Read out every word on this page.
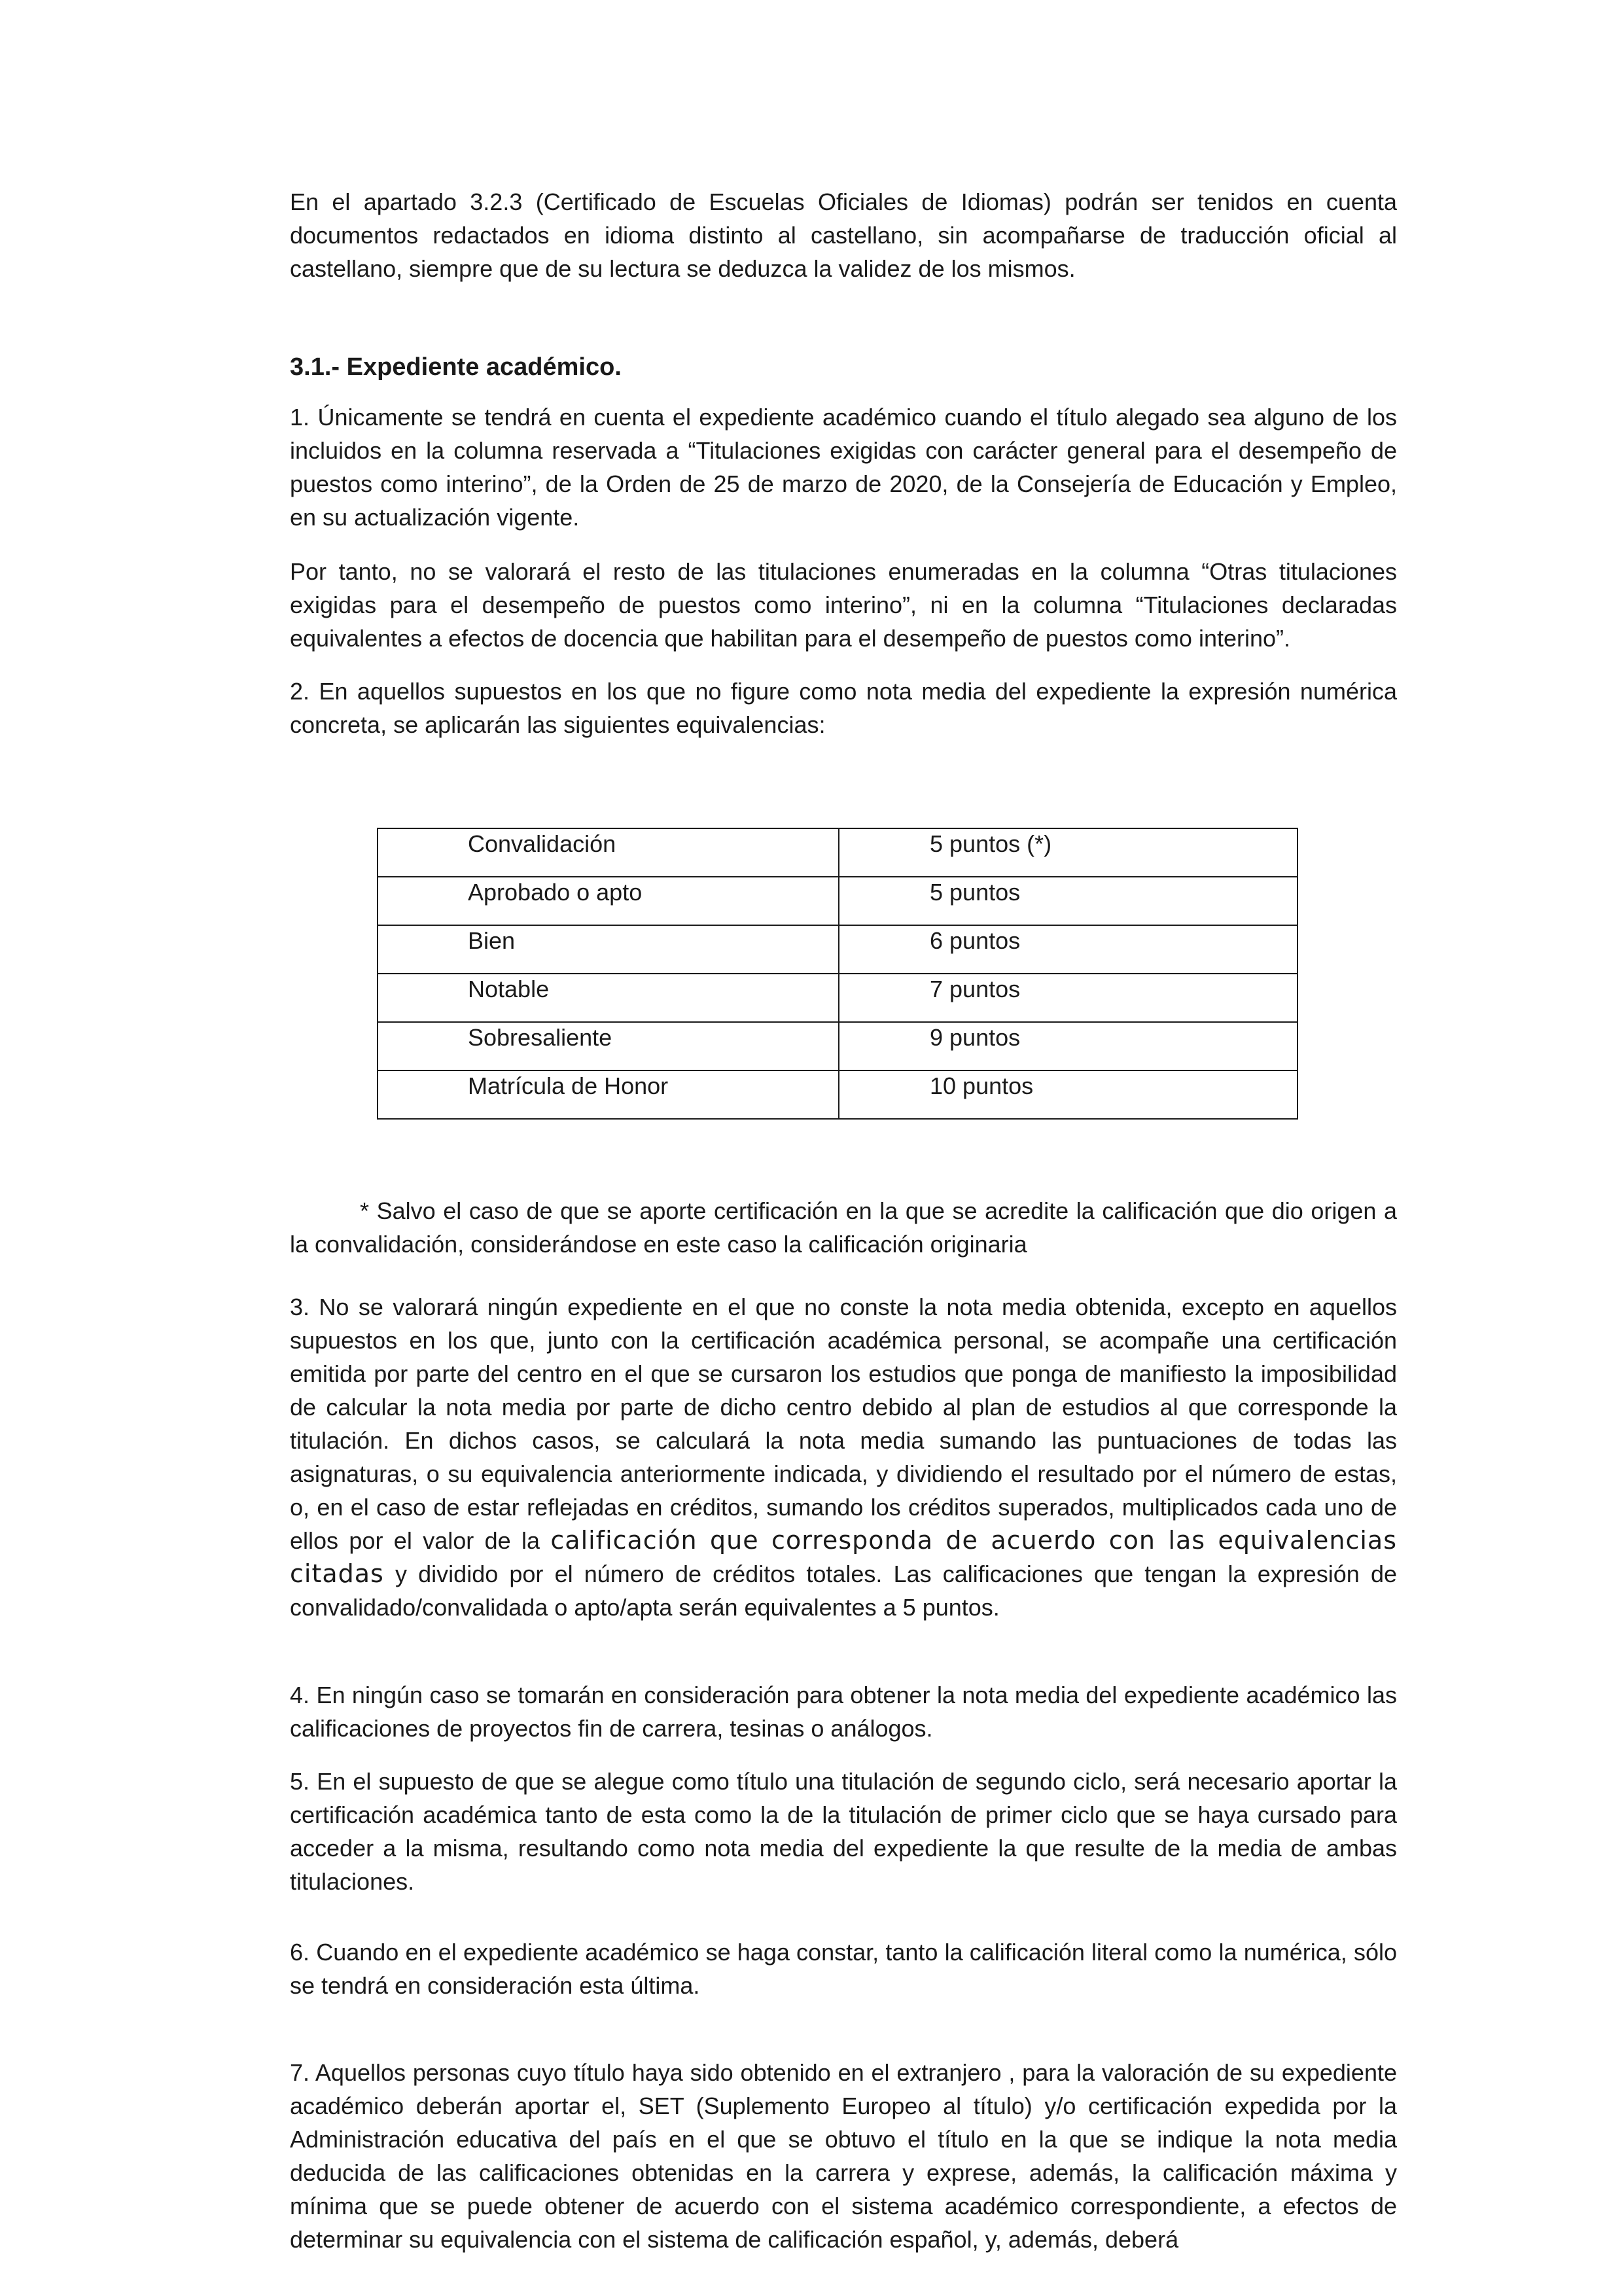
En el apartado 3.2.3 (Certificado de Escuelas Oficiales de Idiomas) podrán ser tenidos en cuenta documentos redactados en idioma distinto al castellano, sin acompañarse de traducción oficial al castellano, siempre que de su lectura se deduzca la validez de los mismos.

3.1.- Expediente académico.

1. Únicamente se tendrá en cuenta el expediente académico cuando el título alegado sea alguno de los incluidos en la columna reservada a “Titulaciones exigidas con carácter general para el desempeño de puestos como interino”, de la Orden de 25 de marzo de 2020, de la Consejería de Educación y Empleo, en su actualización vigente.

Por tanto, no se valorará el resto de las titulaciones enumeradas en la columna “Otras titulaciones exigidas para el desempeño de puestos como interino”, ni en la columna “Titulaciones declaradas equivalentes a efectos de docencia que habilitan para el desempeño de puestos como interino”.

2. En aquellos supuestos en los que no figure como nota media del expediente la expresión numérica concreta, se aplicarán las siguientes equivalencias:

Convalidación	5 puntos (*)

Aprobado o apto	5 puntos

Bien	6 puntos

Notable	7 puntos

Sobresaliente	9 puntos

Matrícula de Honor	10 puntos

* Salvo el caso de que se aporte certificación en la que se acredite la calificación que dio origen a la convalidación, considerándose en este caso la calificación originaria

3. No se valorará ningún expediente en el que no conste la nota media obtenida, excepto en aquellos supuestos en los que, junto con la certificación académica personal, se acompañe una certificación emitida por parte del centro en el que se cursaron los estudios que ponga de manifiesto la imposibilidad de calcular la nota media por parte de dicho centro debido al plan de estudios al que corresponde la titulación. En dichos casos, se calculará la nota media sumando las puntuaciones de todas las asignaturas, o su equivalencia anteriormente indicada, y dividiendo el resultado por el número de estas, o, en el caso de estar reflejadas en créditos, sumando los créditos superados, multiplicados cada uno de ellos por el valor de la calificación que corresponda de acuerdo con las equivalencias citadas y dividido por el número de créditos totales. Las calificaciones que tengan la expresión de convalidado/convalidada o apto/apta serán equivalentes a 5 puntos.

4. En ningún caso se tomarán en consideración para obtener la nota media del expediente académico las calificaciones de proyectos fin de carrera, tesinas o análogos.

5. En el supuesto de que se alegue como título una titulación de segundo ciclo, será necesario aportar la certificación académica tanto de esta como la de la titulación de primer ciclo que se haya cursado para acceder a la misma, resultando como nota media del expediente la que resulte de la media de ambas titulaciones.

6. Cuando en el expediente académico se haga constar, tanto la calificación literal como la numérica, sólo se tendrá en consideración esta última.

7. Aquellos personas cuyo título haya sido obtenido en el extranjero , para la valoración de su expediente académico deberán aportar el, SET (Suplemento Europeo al título) y/o certificación expedida por la Administración educativa del país en el que se obtuvo el título en la que se indique la nota media deducida de las calificaciones obtenidas en la carrera y exprese, además, la calificación máxima y mínima que se puede obtener de acuerdo con el sistema académico correspondiente, a efectos de determinar su equivalencia con el sistema de calificación español, y, además, deberá
